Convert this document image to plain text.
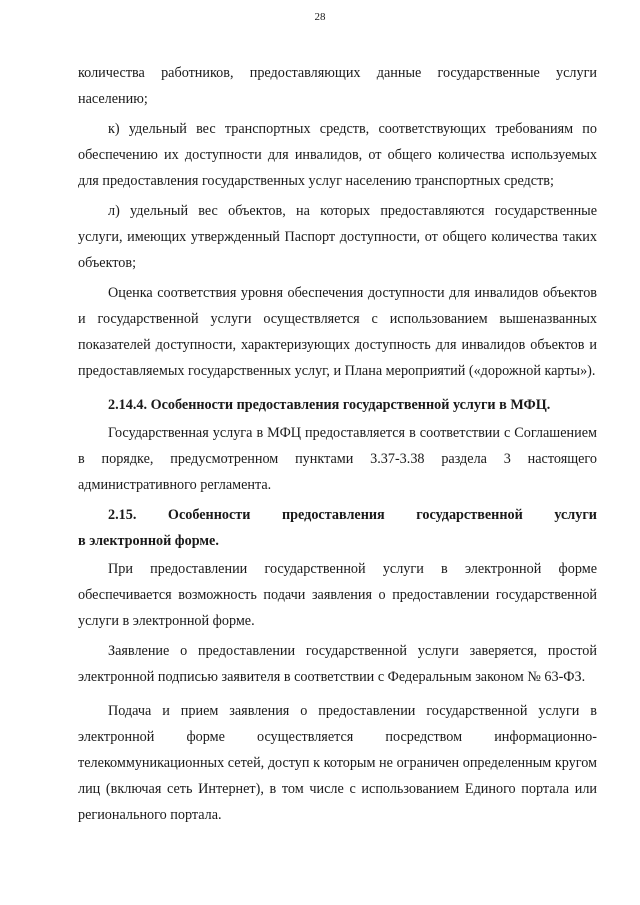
28

количества работников, предоставляющих данные государственные услуги населению;

к) удельный вес транспортных средств, соответствующих требованиям по обеспечению их доступности для инвалидов, от общего количества используемых для предоставления государственных услуг населению транспортных средств;

л) удельный вес объектов, на которых предоставляются государственные услуги, имеющих утвержденный Паспорт доступности, от общего количества таких объектов;

Оценка соответствия уровня обеспечения доступности для инвалидов объектов и государственной услуги осуществляется с использованием вышеназванных показателей доступности, характеризующих доступность для инвалидов объектов и предоставляемых государственных услуг, и Плана мероприятий («дорожной карты»).

2.14.4. Особенности предоставления государственной услуги в МФЦ.

Государственная услуга в МФЦ предоставляется в соответствии с Соглашением в порядке, предусмотренном пунктами 3.37-3.38 раздела 3 настоящего административного регламента.

2.15. Особенности предоставления государственной услуги

в электронной форме.

При предоставлении государственной услуги в электронной форме обеспечивается возможность подачи заявления о предоставлении государственной услуги в электронной форме.

Заявление о предоставлении государственной услуги заверяется, простой электронной подписью заявителя в соответствии с Федеральным законом № 63-ФЗ.

Подача и прием заявления о предоставлении государственной услуги в электронной форме осуществляется посредством информационно-телекоммуникационных сетей, доступ к которым не ограничен определенным кругом лиц (включая сеть Интернет), в том числе с использованием Единого портала или регионального портала.
